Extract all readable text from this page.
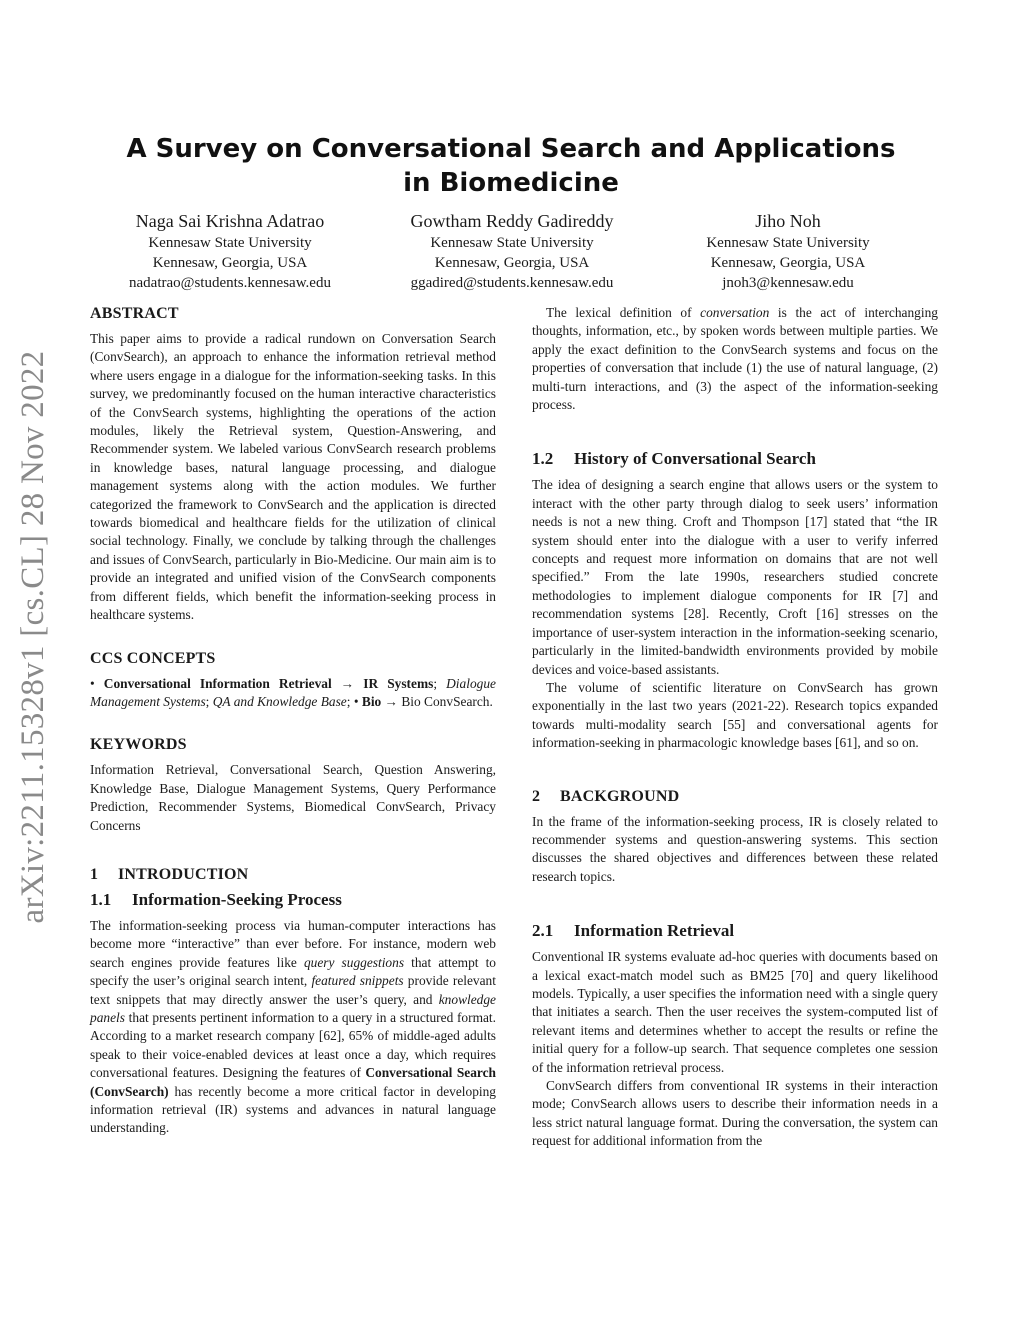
arXiv:2211.15328v1 [cs.CL] 28 Nov 2022
A Survey on Conversational Search and Applications in Biomedicine
Naga Sai Krishna Adatrao
Kennesaw State University
Kennesaw, Georgia, USA
nadatrao@students.kennesaw.edu
Gowtham Reddy Gadireddy
Kennesaw State University
Kennesaw, Georgia, USA
ggadired@students.kennesaw.edu
Jiho Noh
Kennesaw State University
Kennesaw, Georgia, USA
jnoh3@kennesaw.edu
ABSTRACT

This paper aims to provide a radical rundown on Conversation Search (ConvSearch), an approach to enhance the information retrieval method where users engage in a dialogue for the information-seeking tasks. In this survey, we predominantly focused on the human interactive characteristics of the ConvSearch systems, highlighting the operations of the action modules, likely the Retrieval system, Question-Answering, and Recommender system. We labeled various ConvSearch research problems in knowledge bases, natural language processing, and dialogue management systems along with the action modules. We further categorized the framework to ConvSearch and the application is directed towards biomedical and healthcare fields for the utilization of clinical social technology. Finally, we conclude by talking through the challenges and issues of ConvSearch, particularly in Bio-Medicine. Our main aim is to provide an integrated and unified vision of the ConvSearch components from different fields, which benefit the information-seeking process in healthcare systems.

CCS CONCEPTS

• Conversational Information Retrieval → IR Systems; Dialogue Management Systems; QA and Knowledge Base; • Bio → Bio ConvSearch.

KEYWORDS

Information Retrieval, Conversational Search, Question Answering, Knowledge Base, Dialogue Management Systems, Query Performance Prediction, Recommender Systems, Biomedical ConvSearch, Privacy Concerns

1 INTRODUCTION
1.1 Information-Seeking Process

The information-seeking process via human-computer interactions has become more “interactive” than ever before. For instance, modern web search engines provide features like query suggestions that attempt to specify the user’s original search intent, featured snippets provide relevant text snippets that may directly answer the user’s query, and knowledge panels that presents pertinent information to a query in a structured format. According to a market research company [62], 65% of middle-aged adults speak to their voice-enabled devices at least once a day, which requires conversational features. Designing the features of Conversational Search (ConvSearch) has recently become a more critical factor in developing information retrieval (IR) systems and advances in natural language understanding.

The lexical definition of conversation is the act of interchanging thoughts, information, etc., by spoken words between multiple parties. We apply the exact definition to the ConvSearch systems and focus on the properties of conversation that include (1) the use of natural language, (2) multi-turn interactions, and (3) the aspect of the information-seeking process.

1.2 History of Conversational Search

The idea of designing a search engine that allows users or the system to interact with the other party through dialog to seek users’ information needs is not a new thing. Croft and Thompson [17] stated that “the IR system should enter into the dialogue with a user to verify inferred concepts and request more information on domains that are not well specified.” From the late 1990s, researchers studied concrete methodologies to implement dialogue components for IR [7] and recommendation systems [28]. Recently, Croft [16] stresses on the importance of user-system interaction in the information-seeking scenario, particularly in the limited-bandwidth environments provided by mobile devices and voice-based assistants.

The volume of scientific literature on ConvSearch has grown exponentially in the last two years (2021-22). Research topics expanded towards multi-modality search [55] and conversational agents for information-seeking in pharmacologic knowledge bases [61], and so on.

2 BACKGROUND

In the frame of the information-seeking process, IR is closely related to recommender systems and question-answering systems. This section discusses the shared objectives and differences between these related research topics.

2.1 Information Retrieval

Conventional IR systems evaluate ad-hoc queries with documents based on a lexical exact-match model such as BM25 [70] and query likelihood models. Typically, a user specifies the information need with a single query that initiates a search. Then the user receives the system-computed list of relevant items and determines whether to accept the results or refine the initial query for a follow-up search. That sequence completes one session of the information retrieval process.

ConvSearch differs from conventional IR systems in their interaction mode; ConvSearch allows users to describe their information needs in a less strict natural language format. During the conversation, the system can request for additional information from the
